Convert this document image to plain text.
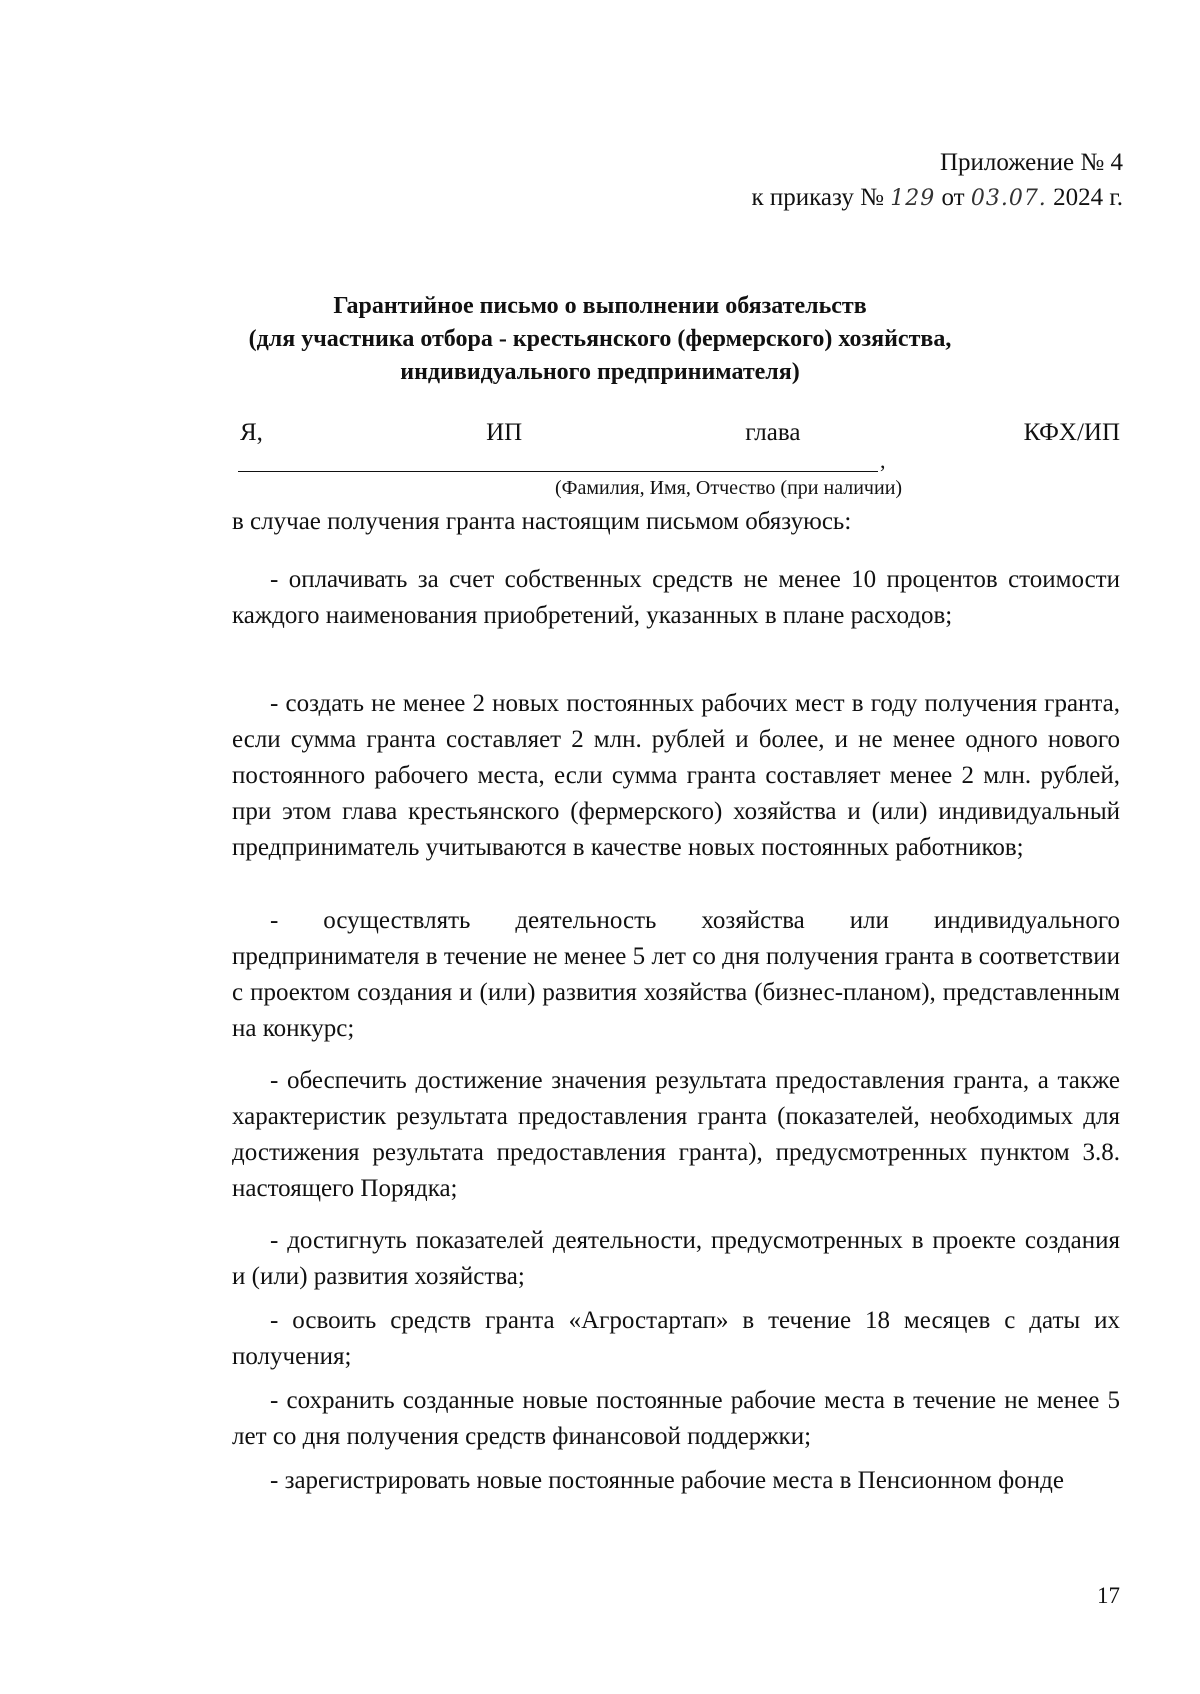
Приложение № 4
к приказу № 129 от 03.07. 2024 г.
Гарантийное письмо о выполнении обязательств
(для участника отбора - крестьянского (фермерского) хозяйства,
индивидуального предпринимателя)
Я,	ИП	глава	КФХ/ИП
,
(Фамилия, Имя, Отчество (при наличии)
в случае получения гранта настоящим письмом обязуюсь:

- оплачивать за счет собственных средств не менее 10 процентов стоимости каждого наименования приобретений, указанных в плане расходов;

- создать не менее 2 новых постоянных рабочих мест в году получения гранта, если сумма гранта составляет 2 млн. рублей и более, и не менее одного нового постоянного рабочего места, если сумма гранта составляет менее 2 млн. рублей, при этом глава крестьянского (фермерского) хозяйства и (или) индивидуальный предприниматель учитываются в качестве новых постоянных работников;

- осуществлять деятельность хозяйства или индивидуального предпринимателя в течение не менее 5 лет со дня получения гранта в соответствии с проектом создания и (или) развития хозяйства (бизнес-планом), представленным на конкурс;

- обеспечить достижение значения результата предоставления гранта, а также характеристик результата предоставления гранта (показателей, необходимых для достижения результата предоставления гранта), предусмотренных пунктом 3.8. настоящего Порядка;

- достигнуть показателей деятельности, предусмотренных в проекте создания и (или) развития хозяйства;

- освоить средств гранта «Агростартап» в течение 18 месяцев с даты их получения;

- сохранить созданные новые постоянные рабочие места в течение не менее 5 лет со дня получения средств финансовой поддержки;

- зарегистрировать новые постоянные рабочие места в Пенсионном фонде

17
